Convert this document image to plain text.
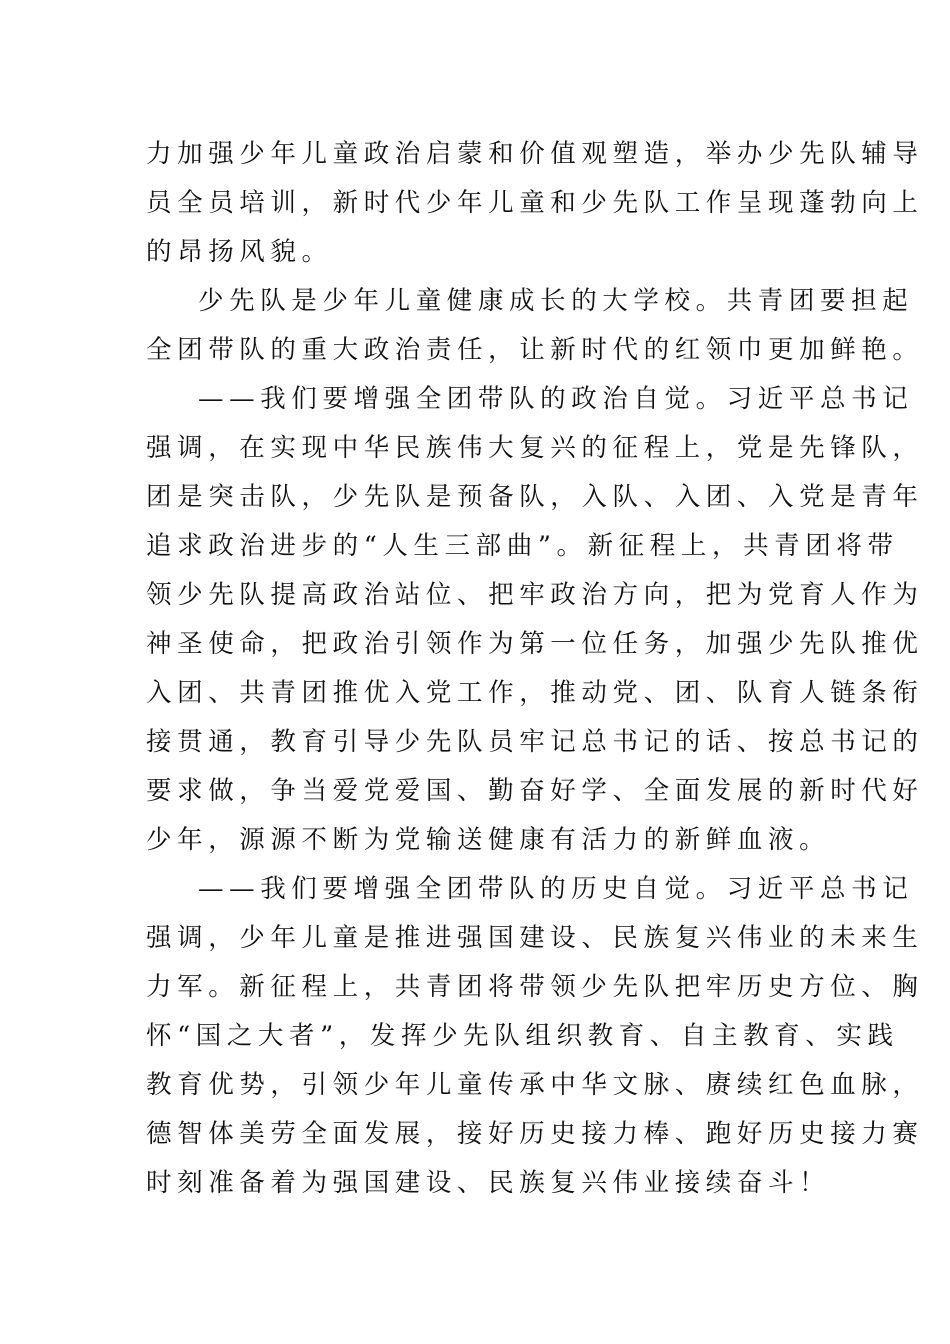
力加强少年儿童政治启蒙和价值观塑造，举办少先队辅导
员全员培训，新时代少年儿童和少先队工作呈现蓬勃向上
的昂扬风貌。

少先队是少年儿童健康成长的大学校。共青团要担起
全团带队的重大政治责任，让新时代的红领巾更加鲜艳。

——我们要增强全团带队的政治自觉。习近平总书记
强调，在实现中华民族伟大复兴的征程上，党是先锋队，
团是突击队，少先队是预备队，入队、入团、入党是青年
追求政治进步的“人生三部曲”。新征程上，共青团将带
领少先队提高政治站位、把牢政治方向，把为党育人作为
神圣使命，把政治引领作为第一位任务，加强少先队推优
入团、共青团推优入党工作，推动党、团、队育人链条衔
接贯通，教育引导少先队员牢记总书记的话、按总书记的
要求做，争当爱党爱国、勤奋好学、全面发展的新时代好
少年，源源不断为党输送健康有活力的新鲜血液。

——我们要增强全团带队的历史自觉。习近平总书记
强调，少年儿童是推进强国建设、民族复兴伟业的未来生
力军。新征程上，共青团将带领少先队把牢历史方位、胸
怀“国之大者”，发挥少先队组织教育、自主教育、实践
教育优势，引领少年儿童传承中华文脉、赓续红色血脉，
德智体美劳全面发展，接好历史接力棒、跑好历史接力赛
时刻准备着为强国建设、民族复兴伟业接续奋斗！
